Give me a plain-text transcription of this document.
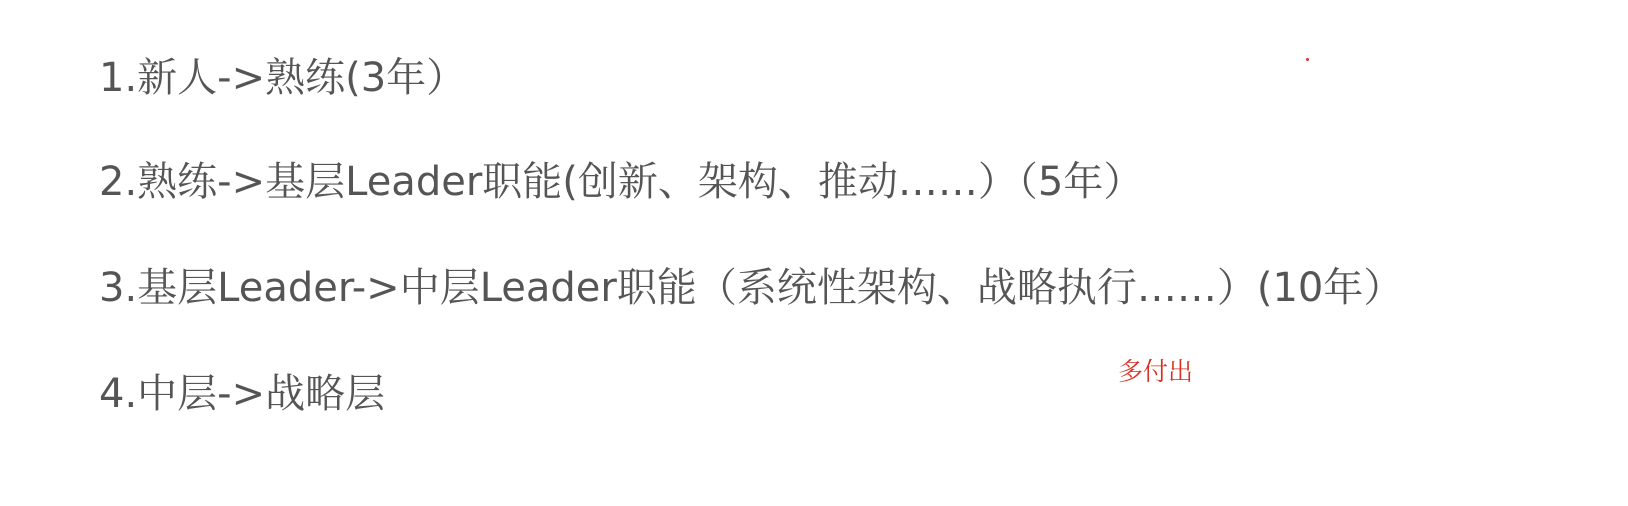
1.新人->熟练(3年）

2.熟练->基层Leader职能(创新、架构、推动……）（5年）

3.基层Leader->中层Leader职能（系统性架构、战略执行……）(10年）

4.中层->战略层	多付出
